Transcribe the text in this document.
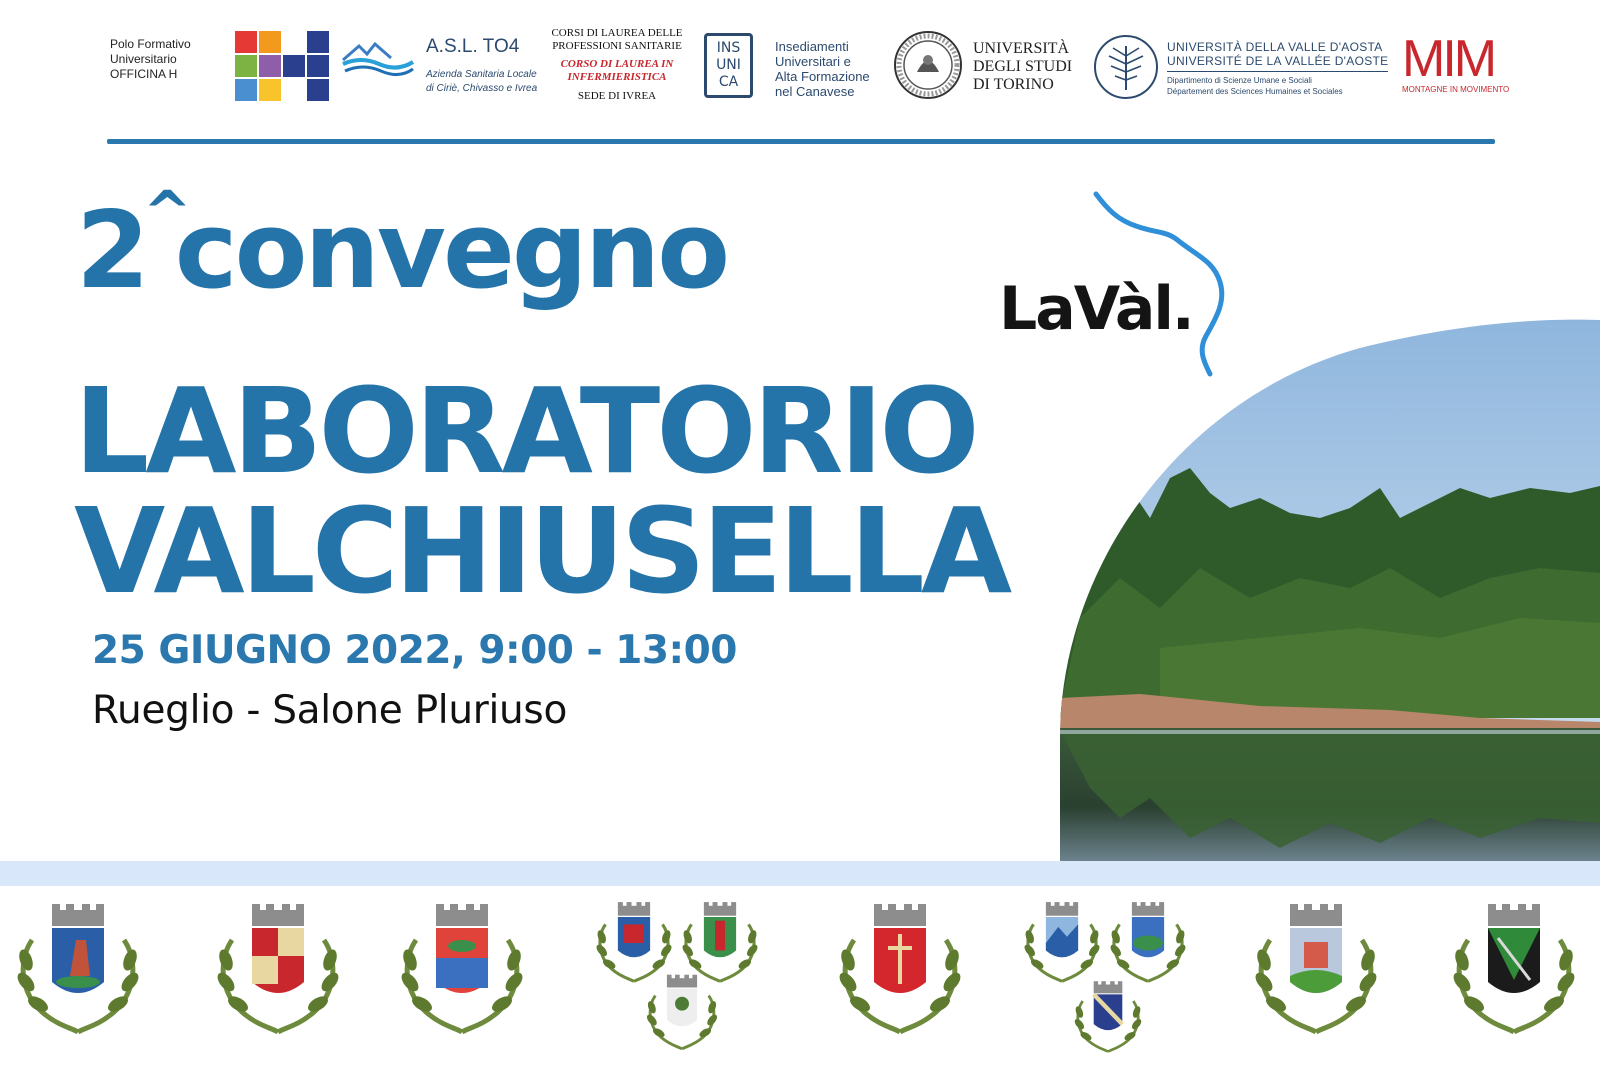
Polo Formativo
Universitario
OFFICINA H
A.S.L. TO4
Azienda Sanitaria Locale
di Ciriè, Chivasso e Ivrea
CORSI DI LAUREA DELLE
PROFESSIONI SANITARIE
CORSO DI LAUREA IN
INFERMIERISTICA
SEDE DI IVREA
INS
UNI
CA
Insediamenti
Universitari e
Alta Formazione
nel Canavese
UNIVERSITÀ
DEGLI STUDI
DI TORINO
UNIVERSITÀ DELLA VALLE D'AOSTA
UNIVERSITÉ DE LA VALLÉE D'AOSTE
Dipartimento di Scienze Umane e Sociali
Département des Sciences Humaines et Sociales
MIM
MONTAGNE IN MOVIMENTO
LaVàl.
2 convegno
^
LABORATORIO
VALCHIUSELLA
25 GIUGNO 2022, 9:00 - 13:00
Rueglio - Salone Pluriuso
